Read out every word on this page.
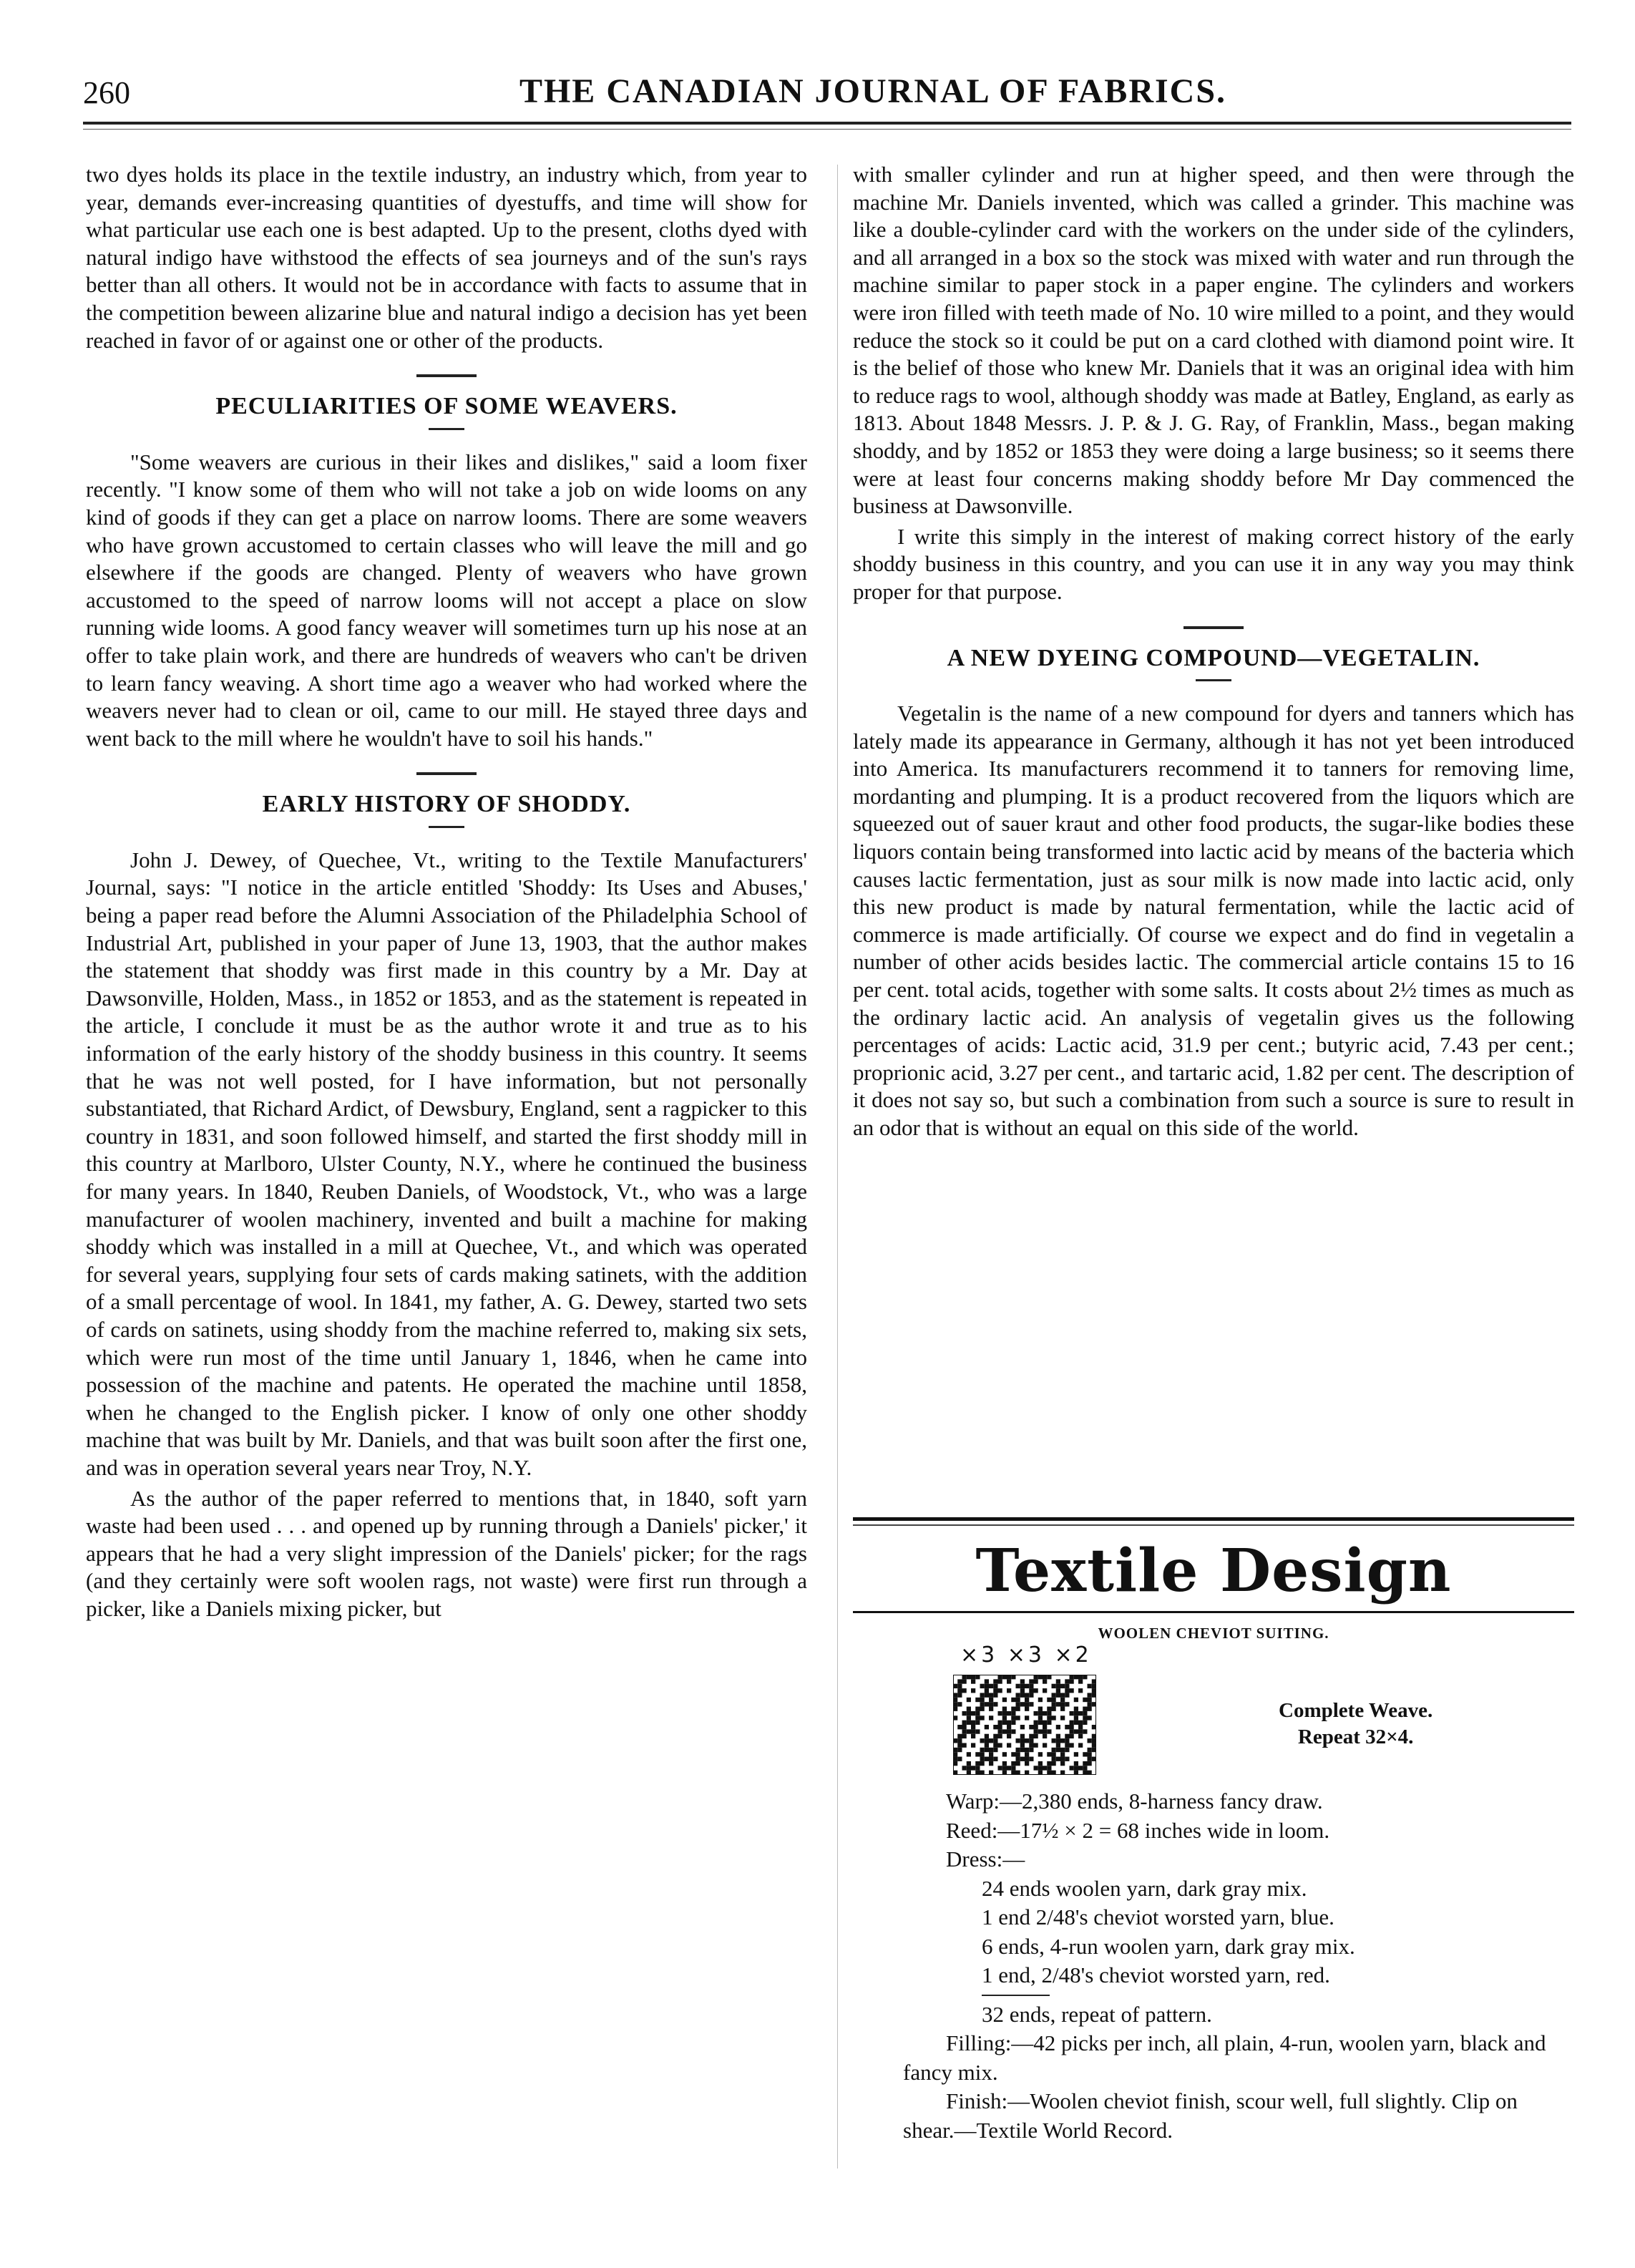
260	THE CANADIAN JOURNAL OF FABRICS.

two dyes holds its place in the textile industry, an industry which, from year to year, demands ever-increasing quantities of dyestuffs, and time will show for what particular use each one is best adapted. Up to the present, cloths dyed with natural indigo have withstood the effects of sea journeys and of the sun's rays better than all others. It would not be in accordance with facts to assume that in the competition beween alizarine blue and natural indigo a decision has yet been reached in favor of or against one or other of the products.

PECULIARITIES OF SOME WEAVERS.

"Some weavers are curious in their likes and dislikes," said a loom fixer recently. "I know some of them who will not take a job on wide looms on any kind of goods if they can get a place on narrow looms. There are some weavers who have grown accustomed to certain classes who will leave the mill and go elsewhere if the goods are changed. Plenty of weavers who have grown accustomed to the speed of narrow looms will not accept a place on slow running wide looms. A good fancy weaver will sometimes turn up his nose at an offer to take plain work, and there are hundreds of weavers who can't be driven to learn fancy weaving. A short time ago a weaver who had worked where the weavers never had to clean or oil, came to our mill. He stayed three days and went back to the mill where he wouldn't have to soil his hands."

EARLY HISTORY OF SHODDY.

John J. Dewey, of Quechee, Vt., writing to the Textile Manufacturers' Journal, says: "I notice in the article entitled 'Shoddy: Its Uses and Abuses,' being a paper read before the Alumni Association of the Philadelphia School of Industrial Art, published in your paper of June 13, 1903, that the author makes the statement that shoddy was first made in this country by a Mr. Day at Dawsonville, Holden, Mass., in 1852 or 1853, and as the statement is repeated in the article, I conclude it must be as the author wrote it and true as to his information of the early history of the shoddy business in this country. It seems that he was not well posted, for I have information, but not personally substantiated, that Richard Ardict, of Dewsbury, England, sent a ragpicker to this country in 1831, and soon followed himself, and started the first shoddy mill in this country at Marlboro, Ulster County, N.Y., where he continued the business for many years. In 1840, Reuben Daniels, of Woodstock, Vt., who was a large manufacturer of woolen machinery, invented and built a machine for making shoddy which was installed in a mill at Quechee, Vt., and which was operated for several years, supplying four sets of cards making satinets, with the addition of a small percentage of wool. In 1841, my father, A. G. Dewey, started two sets of cards on satinets, using shoddy from the machine referred to, making six sets, which were run most of the time until January 1, 1846, when he came into possession of the machine and patents. He operated the machine until 1858, when he changed to the English picker. I know of only one other shoddy machine that was built by Mr. Daniels, and that was built soon after the first one, and was in operation several years near Troy, N.Y.

As the author of the paper referred to mentions that, in 1840, soft yarn waste had been used . . . and opened up by running through a Daniels' picker,' it appears that he had a very slight impression of the Daniels' picker; for the rags (and they certainly were soft woolen rags, not waste) were first run through a picker, like a Daniels mixing picker, but

with smaller cylinder and run at higher speed, and then were through the machine Mr. Daniels invented, which was called a grinder. This machine was like a double-cylinder card with the workers on the under side of the cylinders, and all arranged in a box so the stock was mixed with water and run through the machine similar to paper stock in a paper engine. The cylinders and workers were iron filled with teeth made of No. 10 wire milled to a point, and they would reduce the stock so it could be put on a card clothed with diamond point wire. It is the belief of those who knew Mr. Daniels that it was an original idea with him to reduce rags to wool, although shoddy was made at Batley, England, as early as 1813. About 1848 Messrs. J. P. & J. G. Ray, of Franklin, Mass., began making shoddy, and by 1852 or 1853 they were doing a large business; so it seems there were at least four concerns making shoddy before Mr Day commenced the business at Dawsonville.

I write this simply in the interest of making correct history of the early shoddy business in this country, and you can use it in any way you may think proper for that purpose.

A NEW DYEING COMPOUND—VEGETALIN.

Vegetalin is the name of a new compound for dyers and tanners which has lately made its appearance in Germany, although it has not yet been introduced into America. Its manufacturers recommend it to tanners for removing lime, mordanting and plumping. It is a product recovered from the liquors which are squeezed out of sauer kraut and other food products, the sugar-like bodies these liquors contain being transformed into lactic acid by means of the bacteria which causes lactic fermentation, just as sour milk is now made into lactic acid, only this new product is made by natural fermentation, while the lactic acid of commerce is made artificially. Of course we expect and do find in vegetalin a number of other acids besides lactic. The commercial article contains 15 to 16 per cent. total acids, together with some salts. It costs about 2½ times as much as the ordinary lactic acid. An analysis of vegetalin gives us the following percentages of acids: Lactic acid, 31.9 per cent.; butyric acid, 7.43 per cent.; proprionic acid, 3.27 per cent., and tartaric acid, 1.82 per cent. The description of it does not say so, but such a combination from such a source is sure to result in an odor that is without an equal on this side of the world.

Textile Design
WOOLEN CHEVIOT SUITING.
×3 ×3 ×2
Complete Weave.
Repeat 32×4.

Warp:—2,380 ends, 8-harness fancy draw.

Reed:—17½ × 2 = 68 inches wide in loom.

Dress:—

24 ends woolen yarn, dark gray mix.

1 end 2/48's cheviot worsted yarn, blue.

6 ends, 4-run woolen yarn, dark gray mix.

1 end, 2/48's cheviot worsted yarn, red.

32 ends, repeat of pattern.

Filling:—42 picks per inch, all plain, 4-run, woolen yarn, black and fancy mix.

Finish:—Woolen cheviot finish, scour well, full slightly. Clip on shear.—Textile World Record.
